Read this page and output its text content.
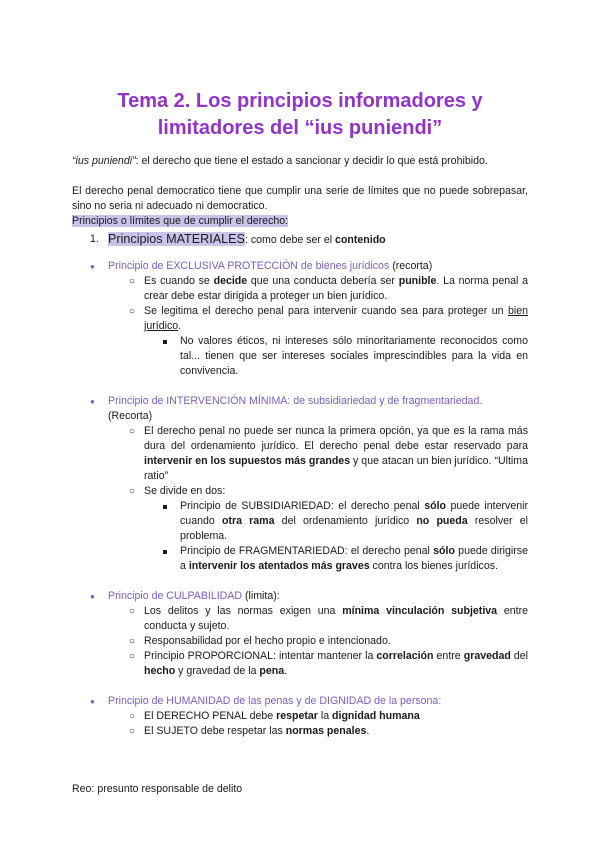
Tema 2. Los principios informadores y
limitadores del “ius puniendi”

“ius puniendi”: el derecho que tiene el estado a sancionar y decidir lo que está prohibido.

El derecho penal democratico tiene que cumplir una serie de límites que no puede sobrepasar, sino no seria ni adecuado ni democratico.

Principios o límites que de cumplir el derecho:

1. Principios MATERIALES: como debe ser el contenido
● Principio de EXCLUSIVA PROTECCIÓN de bienes jurídicos (recorta)
○ Es cuando se decide que una conducta debería ser punible. La norma penal a crear debe estar dirigida a proteger un bien jurídico.
○ Se legitima el derecho penal para intervenir cuando sea para proteger un bien jurídico.
No valores éticos, ni intereses sólo minoritariamente reconocidos como tal... tienen que ser intereses sociales imprescindibles para la vida en convivencia.
● Principio de INTERVENCIÓN MÍNIMA: de subsidiariedad y de fragmentariedad.
(Recorta)
○ El derecho penal no puede ser nunca la primera opción, ya que es la rama más dura del ordenamiento jurídico. El derecho penal debe estar reservado para intervenir en los supuestos más grandes y que atacan un bien jurídico. “Ultima ratio”
○ Se divide en dos:
Principio de SUBSIDIARIEDAD: el derecho penal sólo puede intervenir cuando otra rama del ordenamiento jurídico no pueda resolver el problema.
Principio de FRAGMENTARIEDAD: el derecho penal sólo puede dirigirse a intervenir los atentados más graves contra los bienes jurídicos.
● Principio de CULPABILIDAD (limita):
○ Los delitos y las normas exigen una mínima vinculación subjetiva entre conducta y sujeto.
○ Responsabilidad por el hecho propio e intencionado.
○ Principio PROPORCIONAL: intentar mantener la correlación entre gravedad del hecho y gravedad de la pena.
● Principio de HUMANIDAD de las penas y de DIGNIDAD de la persona:
○ El DERECHO PENAL debe respetar la dignidad humana
○ El SUJETO debe respetar las normas penales.

Reo: presunto responsable de delito
